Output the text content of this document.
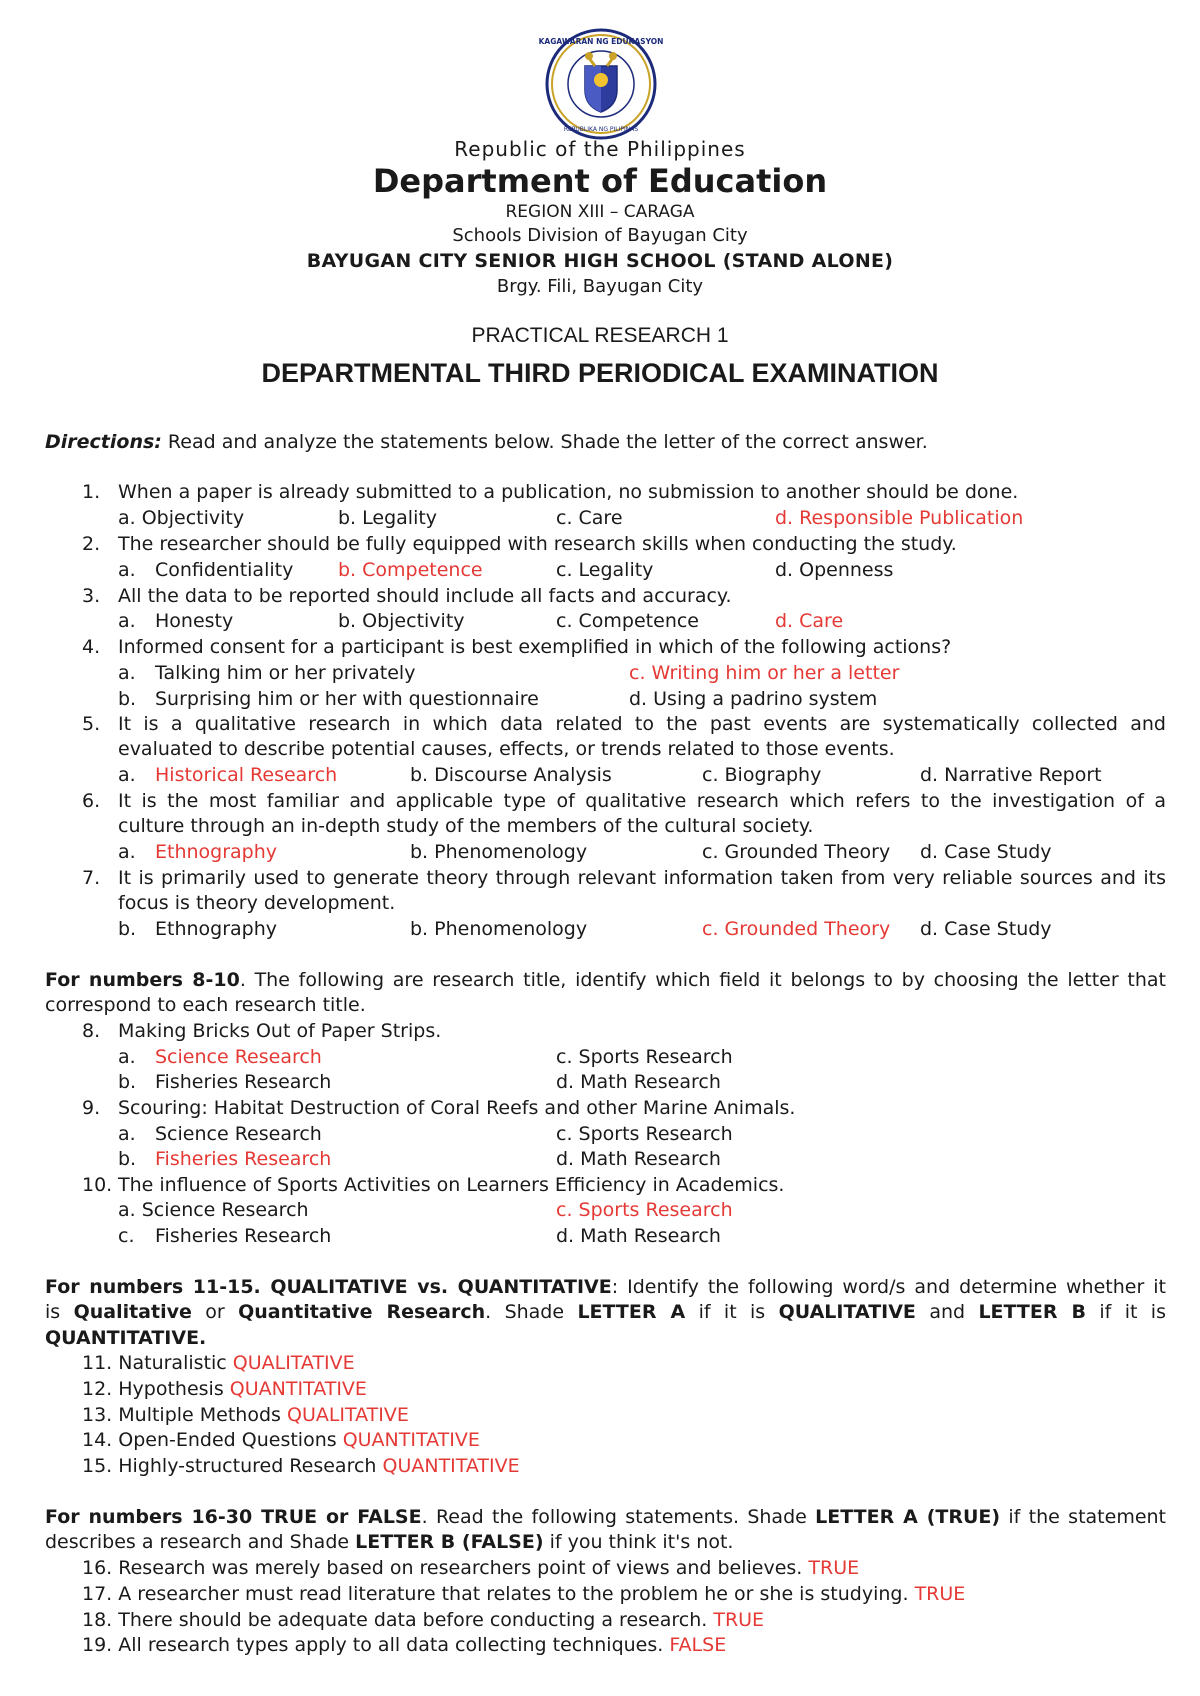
KAGAWARAN NG EDUKASYON
REPUBLIKA NG PILIPINAS
Republic of the Philippines
Department of Education
REGION XIII – CARAGA
Schools Division of Bayugan City
BAYUGAN CITY SENIOR HIGH SCHOOL (STAND ALONE)
Brgy. Fili, Bayugan City
PRACTICAL RESEARCH 1
DEPARTMENTAL THIRD PERIODICAL EXAMINATION
Directions: Read and analyze the statements below. Shade the letter of the correct answer.
1. When a paper is already submitted to a publication, no submission to another should be done.
a. Objectivity	b. Legality	c. Care	d. Responsible Publication
2. The researcher should be fully equipped with research skills when conducting the study.
a. Confidentiality b. Competence	c. Legality	d. Openness
3. All the data to be reported should include all facts and accuracy.
a. Honesty	b. Objectivity	c. Competence	d. Care
4. Informed consent for a participant is best exemplified in which of the following actions?
a. Talking him or her privately	c. Writing him or her a letter
b. Surprising him or her with questionnaire	d. Using a padrino system
5. It is a qualitative research in which data related to the past events are systematically collected and
evaluated to describe potential causes, effects, or trends related to those events.
a. Historical Research	b. Discourse Analysis	c. Biography	d. Narrative Report
6. It is the most familiar and applicable type of qualitative research which refers to the investigation of a
culture through an in-depth study of the members of the cultural society.
a. Ethnography	b. Phenomenology	c. Grounded Theory d. Case Study
7. It is primarily used to generate theory through relevant information taken from very reliable sources and its
focus is theory development.
b. Ethnography	b. Phenomenology	c. Grounded Theory d. Case Study
For numbers 8-10. The following are research title, identify which field it belongs to by choosing the letter that
correspond to each research title.
8. Making Bricks Out of Paper Strips.
a. Science Research	c. Sports Research
b. Fisheries Research	d. Math Research
9. Scouring: Habitat Destruction of Coral Reefs and other Marine Animals.
a. Science Research	c. Sports Research
b. Fisheries Research	d. Math Research
10. The influence of Sports Activities on Learners Efficiency in Academics.
a. Science Research	c. Sports Research
c. Fisheries Research	d. Math Research
For numbers 11-15. QUALITATIVE vs. QUANTITATIVE: Identify the following word/s and determine whether it
is Qualitative or Quantitative Research. Shade LETTER A if it is QUALITATIVE and LETTER B if it is
QUANTITATIVE.
11. Naturalistic QUALITATIVE
12. Hypothesis QUANTITATIVE
13. Multiple Methods QUALITATIVE
14. Open-Ended Questions QUANTITATIVE
15. Highly-structured Research QUANTITATIVE
For numbers 16-30 TRUE or FALSE. Read the following statements. Shade LETTER A (TRUE) if the statement
describes a research and Shade LETTER B (FALSE) if you think it's not.
16. Research was merely based on researchers point of views and believes. TRUE
17. A researcher must read literature that relates to the problem he or she is studying. TRUE
18. There should be adequate data before conducting a research. TRUE
19. All research types apply to all data collecting techniques. FALSE
